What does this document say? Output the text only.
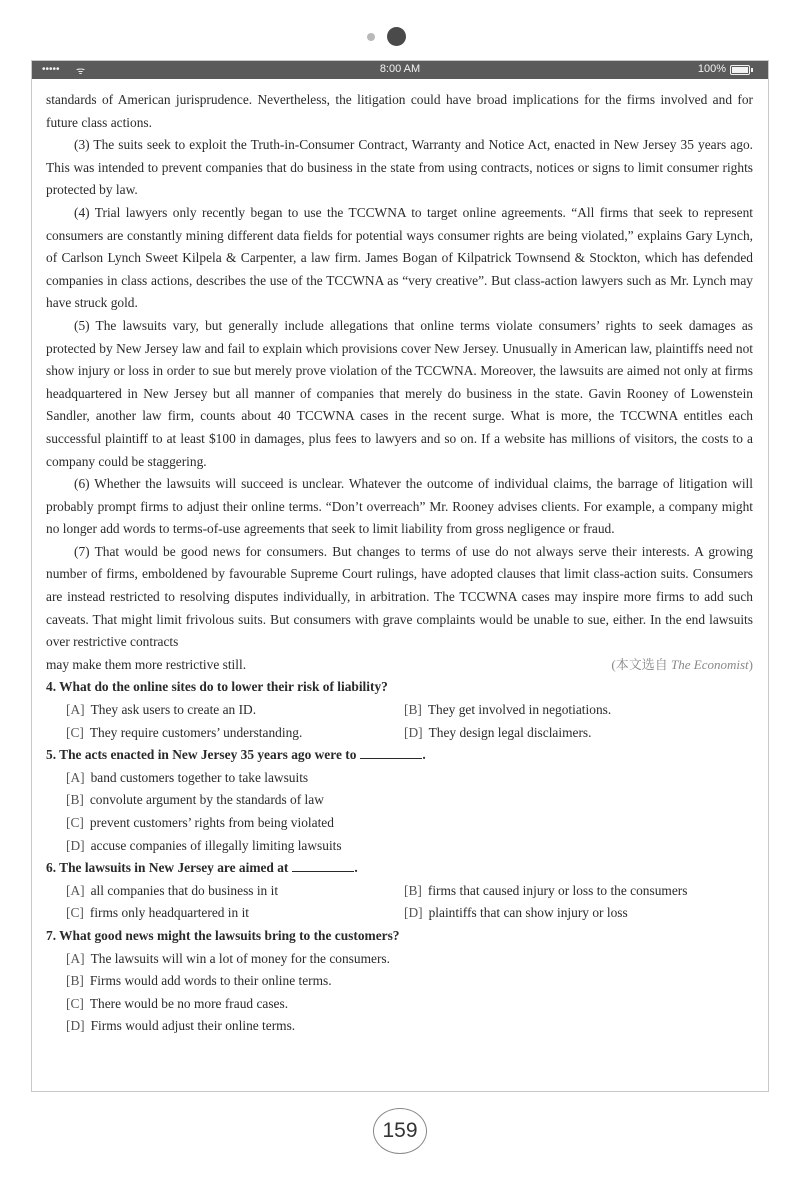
••••• ᯤ	8:00 AM	100%

standards of American jurisprudence. Nevertheless, the litigation could have broad implications for the firms involved and for future class actions.

(3) The suits seek to exploit the Truth-in-Consumer Contract, Warranty and Notice Act, enacted in New Jersey 35 years ago. This was intended to prevent companies that do business in the state from using contracts, notices or signs to limit consumer rights protected by law.

(4) Trial lawyers only recently began to use the TCCWNA to target online agreements. “All firms that seek to represent consumers are constantly mining different data fields for potential ways consumer rights are being violated,” explains Gary Lynch, of Carlson Lynch Sweet Kilpela & Carpenter, a law firm. James Bogan of Kilpatrick Townsend & Stockton, which has defended companies in class actions, describes the use of the TCCWNA as “very creative”. But class-action lawyers such as Mr. Lynch may have struck gold.

(5) The lawsuits vary, but generally include allegations that online terms violate consumers’ rights to seek damages as protected by New Jersey law and fail to explain which provisions cover New Jersey. Unusually in American law, plaintiffs need not show injury or loss in order to sue but merely prove violation of the TCCWNA. Moreover, the lawsuits are aimed not only at firms headquartered in New Jersey but all manner of companies that merely do business in the state. Gavin Rooney of Lowenstein Sandler, another law firm, counts about 40 TCCWNA cases in the recent surge. What is more, the TCCWNA entitles each successful plaintiff to at least $100 in damages, plus fees to lawyers and so on. If a website has millions of visitors, the costs to a company could be staggering.

(6) Whether the lawsuits will succeed is unclear. Whatever the outcome of individual claims, the barrage of litigation will probably prompt firms to adjust their online terms. “Don’t overreach” Mr. Rooney advises clients. For example, a company might no longer add words to terms-of-use agreements that seek to limit liability from gross negligence or fraud.

(7) That would be good news for consumers. But changes to terms of use do not always serve their interests. A growing number of firms, emboldened by favourable Supreme Court rulings, have adopted clauses that limit class-action suits. Consumers are instead restricted to resolving disputes individually, in arbitration. The TCCWNA cases may inspire more firms to add such caveats. That might limit frivolous suits. But consumers with grave complaints would be unable to sue, either. In the end lawsuits over restrictive contracts

may make them more restrictive still.	(本文选自 The Economist)
4. What do the online sites do to lower their risk of liability?
[A] They ask users to create an ID.	[B] They get involved in negotiations.
[C] They require customers’ understanding.	[D] They design legal disclaimers.
5. The acts enacted in New Jersey 35 years ago were to	.
[A] band customers together to take lawsuits
[B] convolute argument by the standards of law
[C] prevent customers’ rights from being violated
[D] accuse companies of illegally limiting lawsuits
6. The lawsuits in New Jersey are aimed at	.
[A] all companies that do business in it	[B] firms that caused injury or loss to the consumers
[C] firms only headquartered in it	[D] plaintiffs that can show injury or loss
7. What good news might the lawsuits bring to the customers?
[A] The lawsuits will win a lot of money for the consumers.
[B] Firms would add words to their online terms.
[C] There would be no more fraud cases.
[D] Firms would adjust their online terms.
159
